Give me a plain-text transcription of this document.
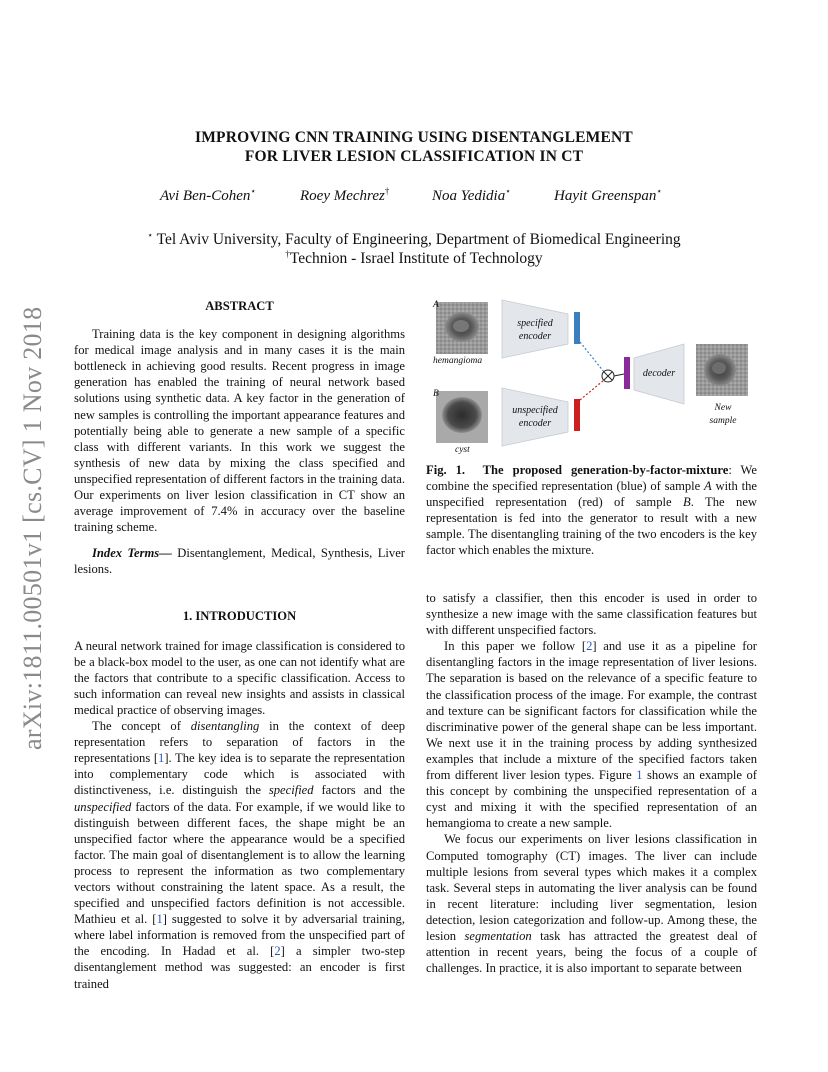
arXiv:1811.00501v1 [cs.CV] 1 Nov 2018
IMPROVING CNN TRAINING USING DISENTANGLEMENT
FOR LIVER LESION CLASSIFICATION IN CT
Avi Ben-Cohen⋆	Roey Mechrez†	Noa Yedidia⋆	Hayit Greenspan⋆
⋆ Tel Aviv University, Faculty of Engineering, Department of Biomedical Engineering
†Technion - Israel Institute of Technology
ABSTRACT

Training data is the key component in designing algorithms for medical image analysis and in many cases it is the main bottleneck in achieving good results. Recent progress in image generation has enabled the training of neural network based solutions using synthetic data. A key factor in the generation of new samples is controlling the important appearance features and potentially being able to generate a new sample of a specific class with different variants. In this work we suggest the synthesis of new data by mixing the class specified and unspecified representation of different factors in the training data. Our experiments on liver lesion classification in CT show an average improvement of 7.4% in accuracy over the baseline training scheme.

Index Terms— Disentanglement, Medical, Synthesis, Liver lesions.

1. INTRODUCTION

A neural network trained for image classification is considered to be a black-box model to the user, as one can not identify what are the factors that contribute to a specific classification. Access to such information can reveal new insights and assists in classical medical practice of observing images.

The concept of disentangling in the context of deep representation refers to separation of factors in the representations [1]. The key idea is to separate the representation into complementary code which is associated with distinctiveness, i.e. distinguish the specified factors and the unspecified factors of the data. For example, if we would like to distinguish between different faces, the shape might be an unspecified factor where the appearance would be a specified factor. The main goal of disentanglement is to allow the learning process to represent the information as two complementary vectors without constraining the latent space. As a result, the specified and unspecified factors definition is not accessible. Mathieu et al. [1] suggested to solve it by adversarial training, where label information is removed from the unspecified part of the encoding. In Hadad et al. [2] a simpler two-step disentanglement method was suggested: an encoder is first trained

A
B
hemangioma
cyst
specified
encoder
unspecified
encoder
decoder
New
sample
Fig. 1.  The proposed generation-by-factor-mixture: We combine the specified representation (blue) of sample A with the unspecified representation (red) of sample B. The new representation is fed into the generator to result with a new sample. The disentangling training of the two encoders is the key factor which enables the mixture.

to satisfy a classifier, then this encoder is used in order to synthesize a new image with the same classification features but with different unspecified factors.

In this paper we follow [2] and use it as a pipeline for disentangling factors in the image representation of liver lesions. The separation is based on the relevance of a specific feature to the classification process of the image. For example, the contrast and texture can be significant factors for classification while the discriminative power of the general shape can be less important. We next use it in the training process by adding synthesized examples that include a mixture of the specified factors taken from different liver lesion types. Figure 1 shows an example of this concept by combining the unspecified representation of a cyst and mixing it with the specified representation of an hemangioma to create a new sample.

We focus our experiments on liver lesions classification in Computed tomography (CT) images. The liver can include multiple lesions from several types which makes it a complex task. Several steps in automating the liver analysis can be found in recent literature: including liver segmentation, lesion detection, lesion categorization and follow-up. Among these, the lesion segmentation task has attracted the greatest deal of attention in recent years, being the focus of a couple of challenges. In practice, it is also important to separate between
